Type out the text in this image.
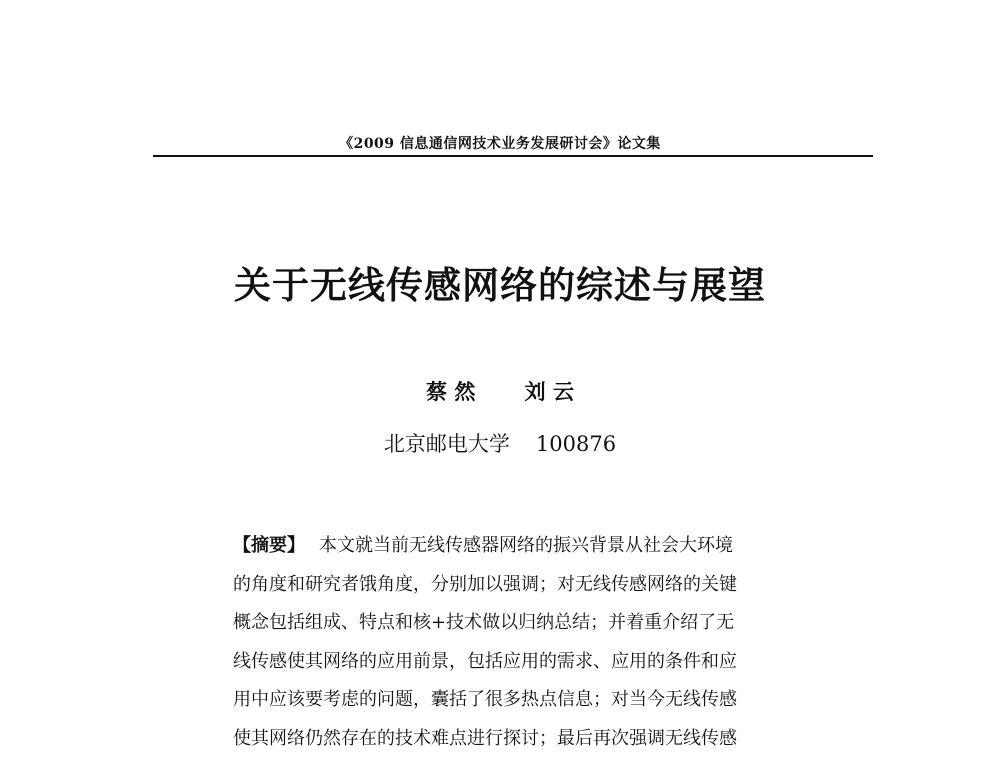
《2009 信息通信网技术业务发展研讨会》论文集
关于无线传感网络的综述与展望
蔡 然 刘 云
北京邮电大学 100876
【摘要】 本文就当前无线传感器网络的振兴背景从社会大环境
的角度和研究者饿角度，分别加以强调；对无线传感网络的关键
概念包括组成、特点和核+技术做以归纳总结；并着重介绍了无
线传感使其网络的应用前景，包括应用的需求、应用的条件和应
用中应该要考虑的问题，囊括了很多热点信息；对当今无线传感
使其网络仍然存在的技术难点进行探讨；最后再次强调无线传感
